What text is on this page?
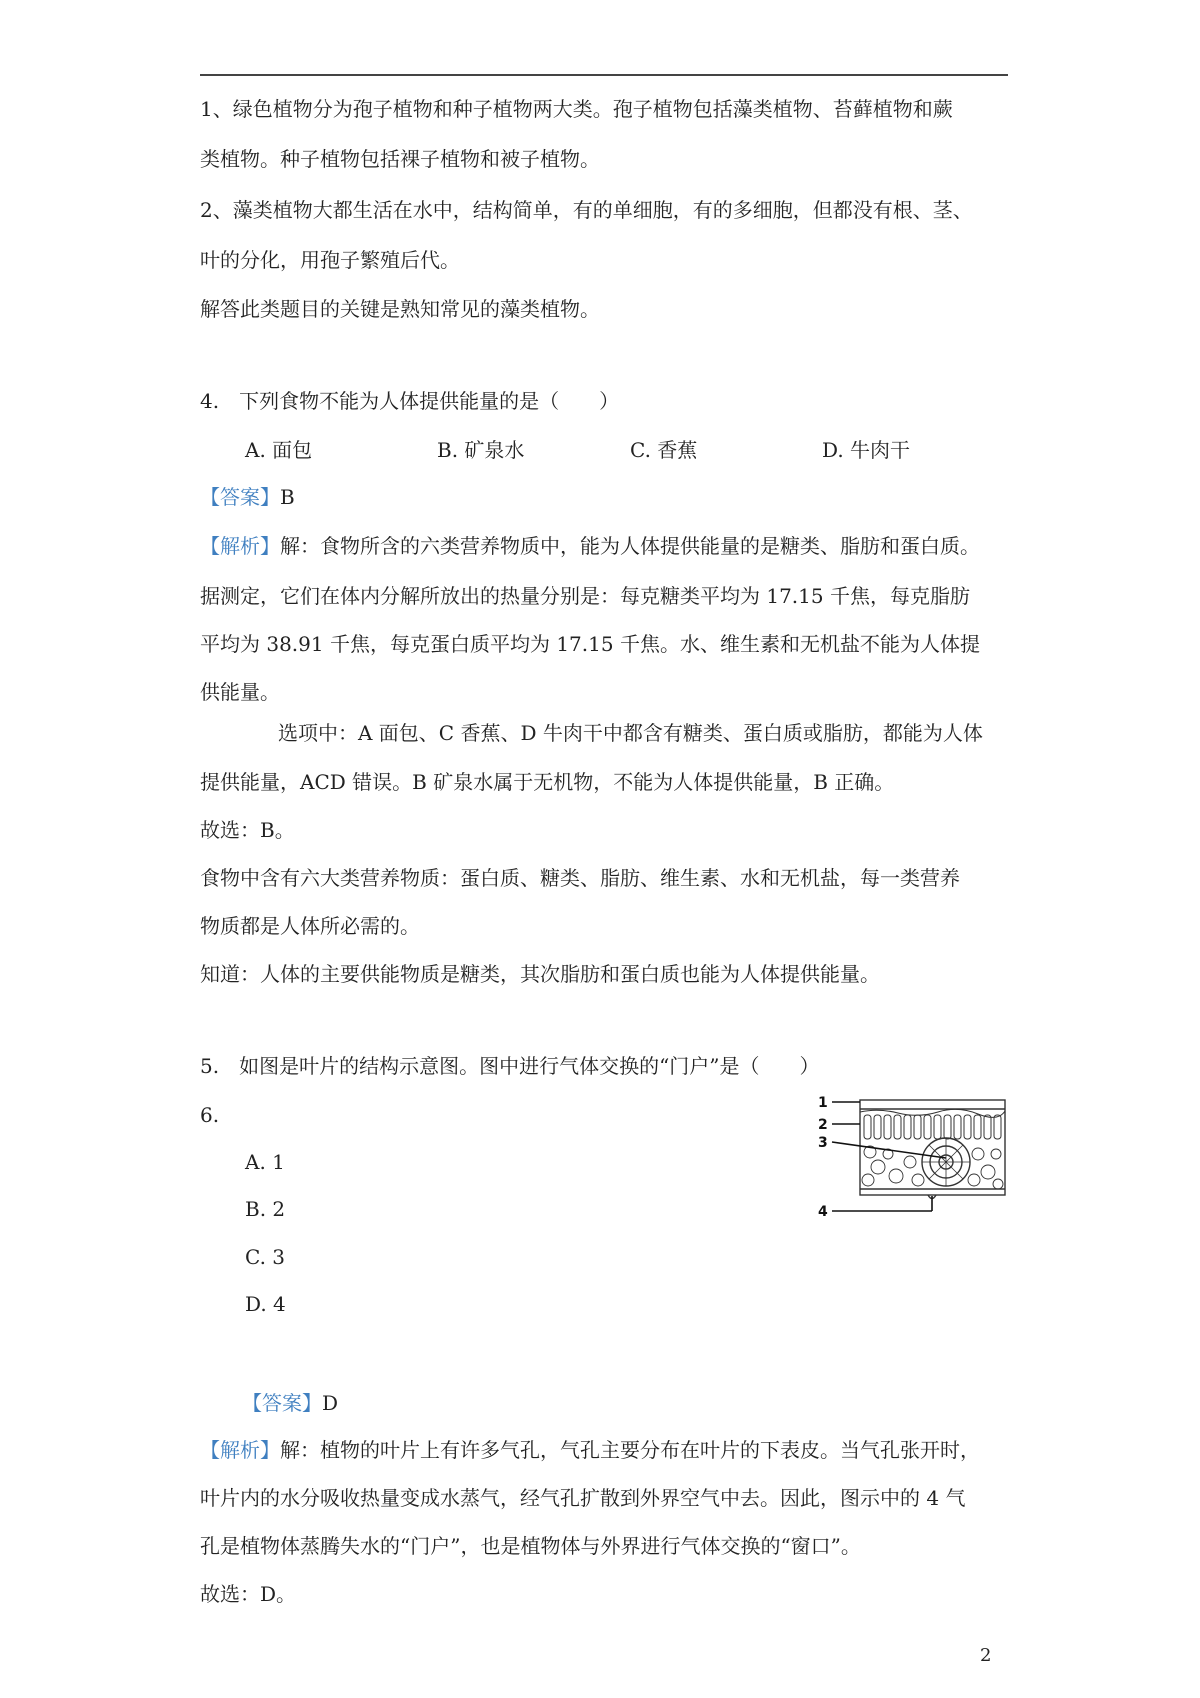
1、绿色植物分为孢子植物和种子植物两大类。孢子植物包括藻类植物、苔藓植物和蕨
类植物。种子植物包括裸子植物和被子植物。
2、藻类植物大都生活在水中，结构简单，有的单细胞，有的多细胞，但都没有根、茎、
叶的分化，用孢子繁殖后代。
解答此类题目的关键是熟知常见的藻类植物。
4.　下列食物不能为人体提供能量的是（　　）
A. 面包	B. 矿泉水	C. 香蕉	D. 牛肉干
【答案】B
【解析】解：食物所含的六类营养物质中，能为人体提供能量的是糖类、脂肪和蛋白质。
据测定，它们在体内分解所放出的热量分别是：每克糖类平均为 17.15 千焦，每克脂肪
平均为 38.91 千焦，每克蛋白质平均为 17.15 千焦。水、维生素和无机盐不能为人体提
供能量。
选项中：A 面包、C 香蕉、D 牛肉干中都含有糖类、蛋白质或脂肪，都能为人体
提供能量，ACD 错误。B 矿泉水属于无机物，不能为人体提供能量，B 正确。
故选：B。
食物中含有六大类营养物质：蛋白质、糖类、脂肪、维生素、水和无机盐，每一类营养
物质都是人体所必需的。
知道：人体的主要供能物质是糖类，其次脂肪和蛋白质也能为人体提供能量。
5.　如图是叶片的结构示意图。图中进行气体交换的“门户”是（　　）
6.
A. 1
B. 2
C. 3
D. 4
1
2
3
4
【答案】D
【解析】解：植物的叶片上有许多气孔，气孔主要分布在叶片的下表皮。当气孔张开时，
叶片内的水分吸收热量变成水蒸气，经气孔扩散到外界空气中去。因此，图示中的 4 气
孔是植物体蒸腾失水的“门户”，也是植物体与外界进行气体交换的“窗口”。
故选：D。
2
